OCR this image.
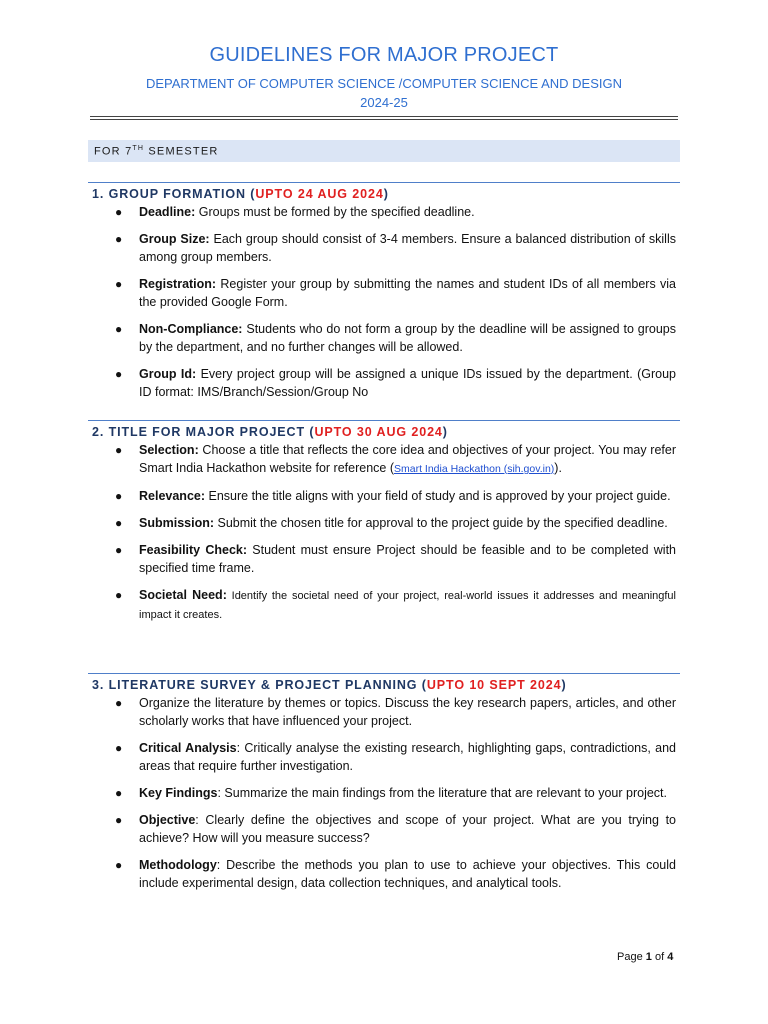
GUIDELINES FOR MAJOR PROJECT
DEPARTMENT OF COMPUTER SCIENCE /COMPUTER SCIENCE AND DESIGN
2024-25
FOR 7TH SEMESTER
1. GROUP FORMATION (UPTO 24 AUG 2024)
● Deadline: Groups must be formed by the specified deadline.
● Group Size: Each group should consist of 3-4 members. Ensure a balanced distribution of skills among group members.
● Registration: Register your group by submitting the names and student IDs of all members via the provided Google Form.
● Non-Compliance: Students who do not form a group by the deadline will be assigned to groups by the department, and no further changes will be allowed.
● Group Id: Every project group will be assigned a unique IDs issued by the department. (Group ID format: IMS/Branch/Session/Group No
2. TITLE FOR MAJOR PROJECT (UPTO 30 AUG 2024)
● Selection: Choose a title that reflects the core idea and objectives of your project. You may refer Smart India Hackathon website for reference (Smart India Hackathon (sih.gov.in)).
● Relevance: Ensure the title aligns with your field of study and is approved by your project guide.
● Submission: Submit the chosen title for approval to the project guide by the specified deadline.
● Feasibility Check: Student must ensure Project should be feasible and to be completed with specified time frame.
● Societal Need: Identify the societal need of your project, real-world issues it addresses and meaningful impact it creates.
3. LITERATURE SURVEY & PROJECT PLANNING (UPTO 10 SEPT 2024)
● Organize the literature by themes or topics. Discuss the key research papers, articles, and other scholarly works that have influenced your project.
● Critical Analysis: Critically analyse the existing research, highlighting gaps, contradictions, and areas that require further investigation.
● Key Findings: Summarize the main findings from the literature that are relevant to your project.
● Objective: Clearly define the objectives and scope of your project. What are you trying to achieve? How will you measure success?
● Methodology: Describe the methods you plan to use to achieve your objectives. This could include experimental design, data collection techniques, and analytical tools.
Page 1 of 4
